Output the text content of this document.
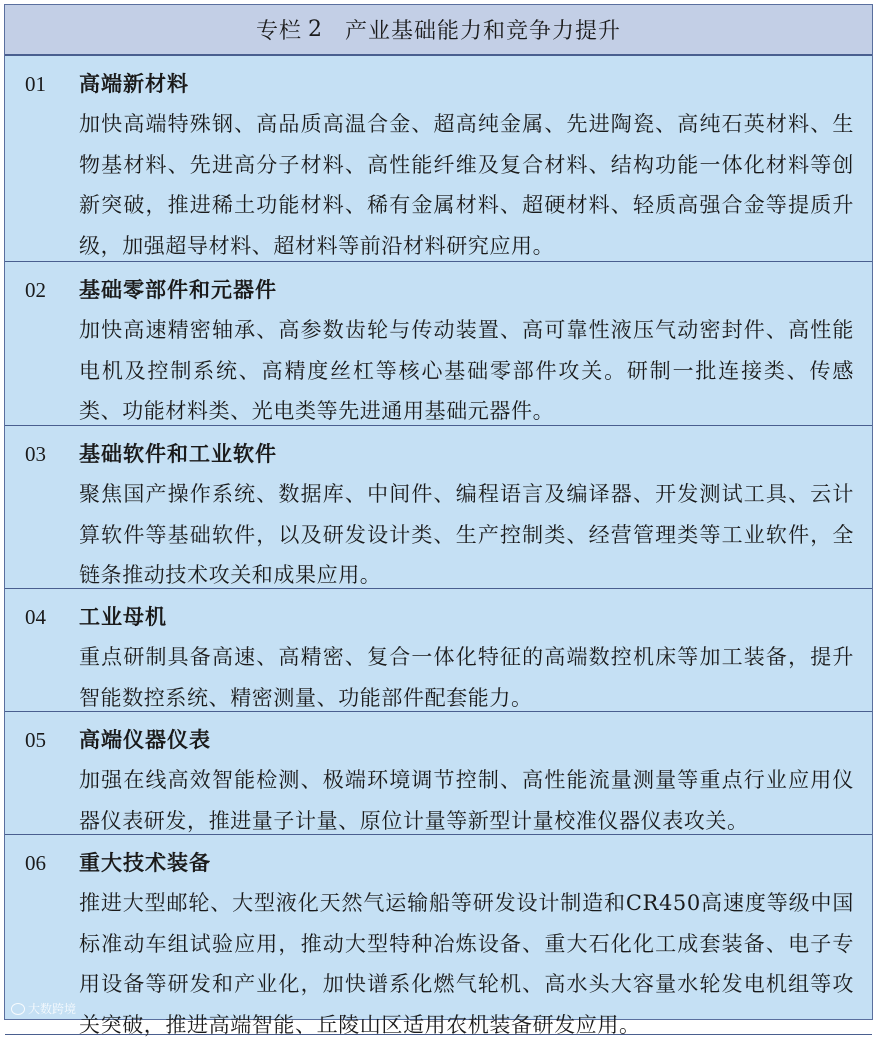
专栏 2 产业基础能力和竞争力提升
01	高端新材料
加快高端特殊钢、高品质高温合金、超高纯金属、先进陶瓷、高纯石英材料、生物基材料、先进高分子材料、高性能纤维及复合材料、结构功能一体化材料等创新突破，推进稀土功能材料、稀有金属材料、超硬材料、轻质高强合金等提质升级，加强超导材料、超材料等前沿材料研究应用。
02	基础零部件和元器件
加快高速精密轴承、高参数齿轮与传动装置、高可靠性液压气动密封件、高性能电机及控制系统、高精度丝杠等核心基础零部件攻关。研制一批连接类、传感类、功能材料类、光电类等先进通用基础元器件。
03	基础软件和工业软件
聚焦国产操作系统、数据库、中间件、编程语言及编译器、开发测试工具、云计算软件等基础软件，以及研发设计类、生产控制类、经营管理类等工业软件，全链条推动技术攻关和成果应用。
04	工业母机
重点研制具备高速、高精密、复合一体化特征的高端数控机床等加工装备，提升智能数控系统、精密测量、功能部件配套能力。
05	高端仪器仪表
加强在线高效智能检测、极端环境调节控制、高性能流量测量等重点行业应用仪器仪表研发，推进量子计量、原位计量等新型计量校准仪器仪表攻关。
06	重大技术装备
推进大型邮轮、大型液化天然气运输船等研发设计制造和CR450高速度等级中国标准动车组试验应用，推动大型特种冶炼设备、重大石化化工成套装备、电子专用设备等研发和产业化，加快谱系化燃气轮机、高水头大容量水轮发电机组等攻关突破，推进高端智能、丘陵山区适用农机装备研发应用。
大数跨境
